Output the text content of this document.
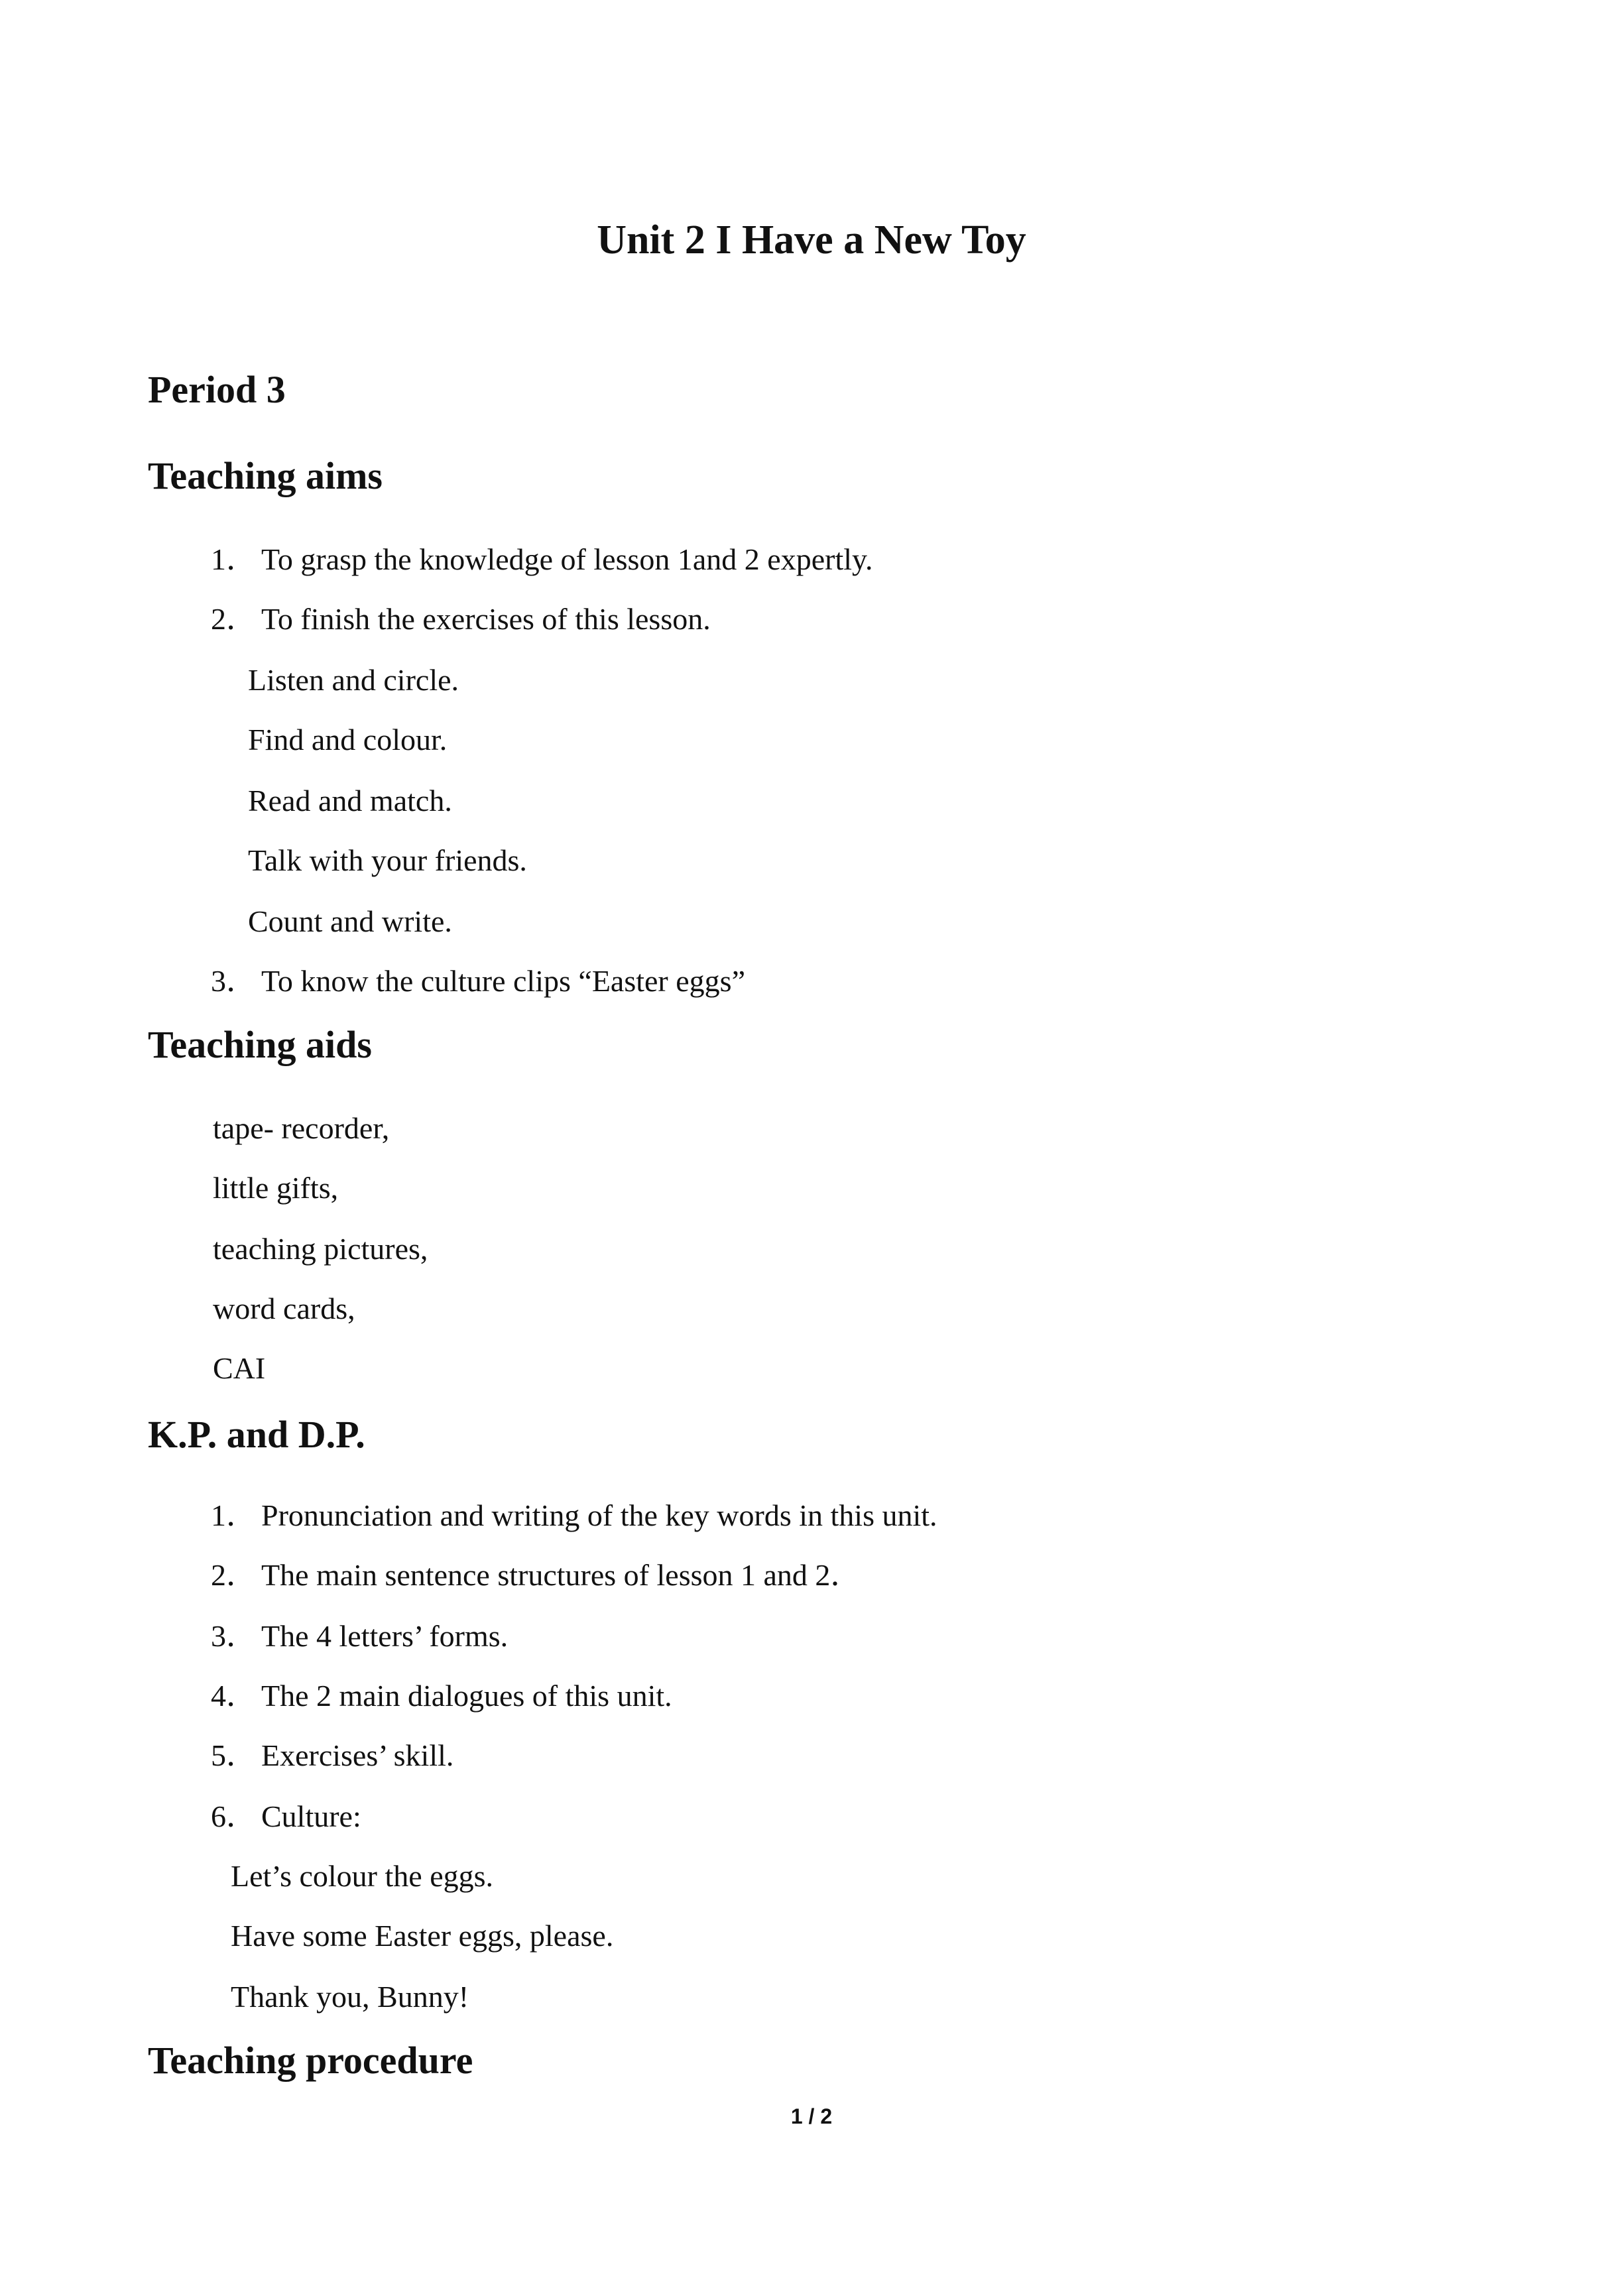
Unit 2 I Have a New Toy
Period 3
Teaching aims
1． To grasp the knowledge of lesson 1and 2 expertly.
2． To finish the exercises of this lesson.
Listen and circle.
Find and colour.
Read and match.
Talk with your friends.
Count and write.
3． To know the culture clips “Easter eggs”
Teaching aids
tape- recorder,
little gifts,
teaching pictures,
word cards,
CAI
K.P. and D.P.
1． Pronunciation and writing of the key words in this unit.
2． The main sentence structures of lesson 1 and 2．
3． The 4 letters’ forms.
4． The 2 main dialogues of this unit.
5． Exercises’ skill.
6． Culture:
Let’s colour the eggs.
Have some Easter eggs, please.
Thank you, Bunny!
Teaching procedure
1 / 2
